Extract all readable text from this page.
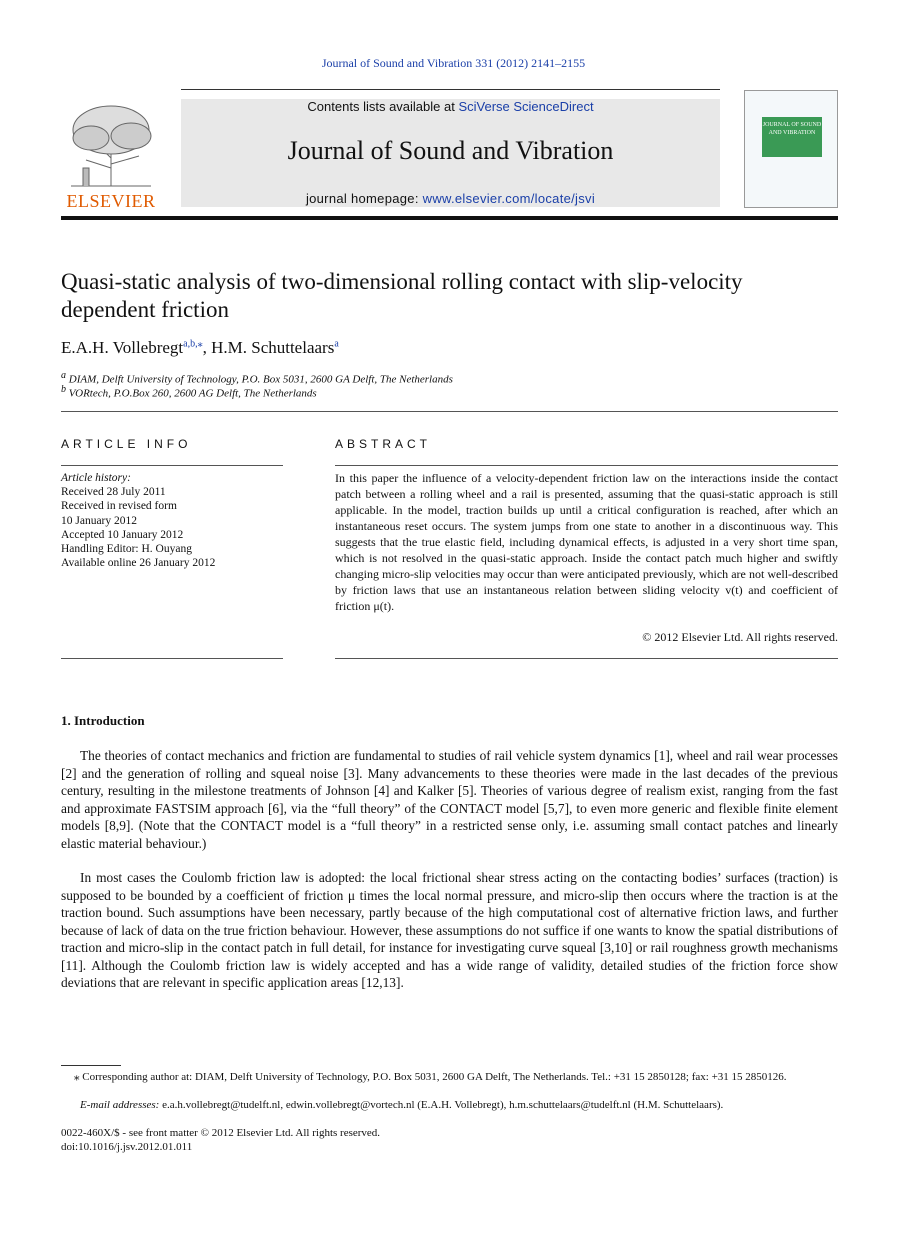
Journal of Sound and Vibration 331 (2012) 2141–2155
ELSEVIER
Contents lists available at SciVerse ScienceDirect
Journal of Sound and Vibration
journal homepage: www.elsevier.com/locate/jsvi
JOURNAL OF SOUND AND VIBRATION
Quasi-static analysis of two-dimensional rolling contact with slip-velocity dependent friction
E.A.H. Vollebregt$^{a,b,⁎}$, H.M. Schuttelaars$^a$
$^a$ DIAM, Delft University of Technology, P.O. Box 5031, 2600 GA Delft, The Netherlands
$^b$ VORtech, P.O.Box 260, 2600 AG Delft, The Netherlands
ARTICLE INFO	ABSTRACT
Article history:
Received 28 July 2011
Received in revised form
10 January 2012
Accepted 10 January 2012
Handling Editor: H. Ouyang
Available online 26 January 2012
In this paper the influence of a velocity-dependent friction law on the interactions inside the contact patch between a rolling wheel and a rail is presented, assuming that the quasi-static approach is still applicable. In the model, traction builds up until a critical configuration is reached, after which an instantaneous reset occurs. The system jumps from one state to another in a discontinuous way. This suggests that the true elastic field, including dynamical effects, is adjusted in a very short time span, which is not resolved in the quasi-static approach. Inside the contact patch much higher and swiftly changing micro-slip velocities may occur than were anticipated previously, which are not well-described by friction laws that use an instantaneous relation between sliding velocity v(t) and coefficient of friction μ(t).
© 2012 Elsevier Ltd. All rights reserved.
1. Introduction
The theories of contact mechanics and friction are fundamental to studies of rail vehicle system dynamics [1], wheel and rail wear processes [2] and the generation of rolling and squeal noise [3]. Many advancements to these theories were made in the last decades of the previous century, resulting in the milestone treatments of Johnson [4] and Kalker [5]. Theories of various degree of realism exist, ranging from the fast and approximate FASTSIM approach [6], via the “full theory” of the CONTACT model [5,7], to even more generic and flexible finite element models [8,9]. (Note that the CONTACT model is a “full theory” in a restricted sense only, i.e. assuming small contact patches and linearly elastic material behaviour.)
In most cases the Coulomb friction law is adopted: the local frictional shear stress acting on the contacting bodies’ surfaces (traction) is supposed to be bounded by a coefficient of friction μ times the local normal pressure, and micro-slip then occurs where the traction is at the traction bound. Such assumptions have been necessary, partly because of the high computational cost of alternative friction laws, and further because of lack of data on the true friction behaviour. However, these assumptions do not suffice if one wants to know the spatial distributions of traction and micro-slip in the contact patch in full detail, for instance for investigating curve squeal [3,10] or rail roughness growth mechanisms [11]. Although the Coulomb friction law is widely accepted and has a wide range of validity, detailed studies of the friction force show deviations that are relevant in specific application areas [12,13].
⁎ Corresponding author at: DIAM, Delft University of Technology, P.O. Box 5031, 2600 GA Delft, The Netherlands. Tel.: +31 15 2850128; fax: +31 15 2850126.
E-mail addresses: e.a.h.vollebregt@tudelft.nl, edwin.vollebregt@vortech.nl (E.A.H. Vollebregt), h.m.schuttelaars@tudelft.nl (H.M. Schuttelaars).
0022-460X/$ - see front matter © 2012 Elsevier Ltd. All rights reserved.
doi:10.1016/j.jsv.2012.01.011
